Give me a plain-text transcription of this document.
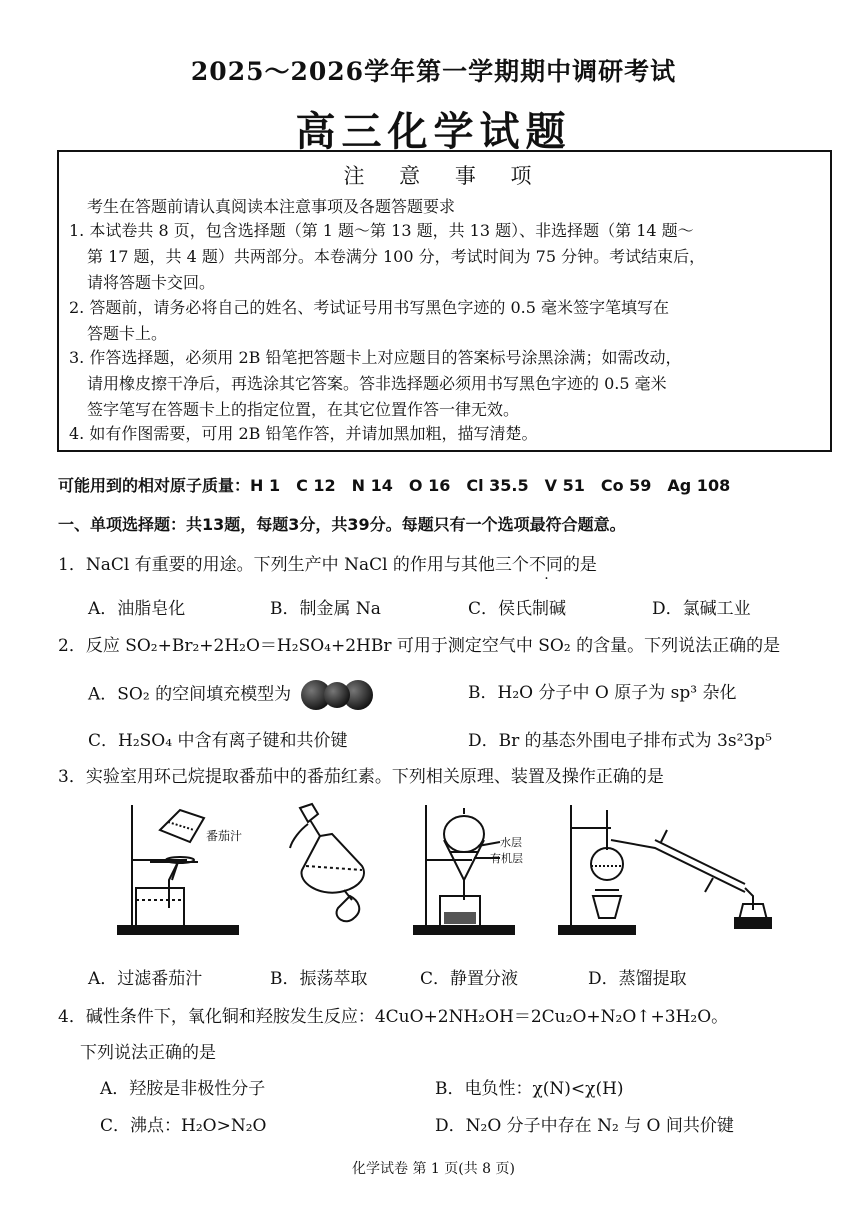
2025～2026学年第一学期期中调研考试
高三化学试题
注 意 事 项
考生在答题前请认真阅读本注意事项及各题答题要求
1. 本试卷共 8 页，包含选择题（第 1 题～第 13 题，共 13 题）、非选择题（第 14 题～
第 17 题，共 4 题）共两部分。本卷满分 100 分，考试时间为 75 分钟。考试结束后，
请将答题卡交回。
2. 答题前，请务必将自己的姓名、考试证号用书写黑色字迹的 0.5 毫米签字笔填写在
答题卡上。
3. 作答选择题，必须用 2B 铅笔把答题卡上对应题目的答案标号涂黑涂满；如需改动，
请用橡皮擦干净后，再选涂其它答案。答非选择题必须用书写黑色字迹的 0.5 毫米
签字笔写在答题卡上的指定位置，在其它位置作答一律无效。
4. 如有作图需要，可用 2B 铅笔作答，并请加黑加粗，描写清楚。
可能用到的相对原子质量：H 1　C 12　N 14　O 16　Cl 35.5　V 51　Co 59　Ag 108
一、单项选择题：共13题，每题3分，共39分。每题只有一个选项最符合题意。
1．NaCl 有重要的用途。下列生产中 NaCl 的作用与其他三个不同的是
A．油脂皂化	B．制金属 Na	C．侯氏制碱	D．氯碱工业
2．反应 SO₂+Br₂+2H₂O＝H₂SO₄+2HBr 可用于测定空气中 SO₂ 的含量。下列说法正确的是
A．SO₂ 的空间填充模型为	B．H₂O 分子中 O 原子为 sp³ 杂化
C．H₂SO₄ 中含有离子键和共价键	D．Br 的基态外围电子排布式为 3s²3p⁵
3．实验室用环己烷提取番茄中的番茄红素。下列相关原理、装置及操作正确的是
番茄汁	水层
有机层
A．过滤番茄汁	B．振荡萃取	C．静置分液	D．蒸馏提取
4．碱性条件下，氧化铜和羟胺发生反应：4CuO+2NH₂OH＝2Cu₂O+N₂O↑+3H₂O。
下列说法正确的是
A．羟胺是非极性分子	B．电负性：χ(N)<χ(H)
C．沸点：H₂O>N₂O	D．N₂O 分子中存在 N₂ 与 O 间共价键
化学试卷 第 1 页(共 8 页)
